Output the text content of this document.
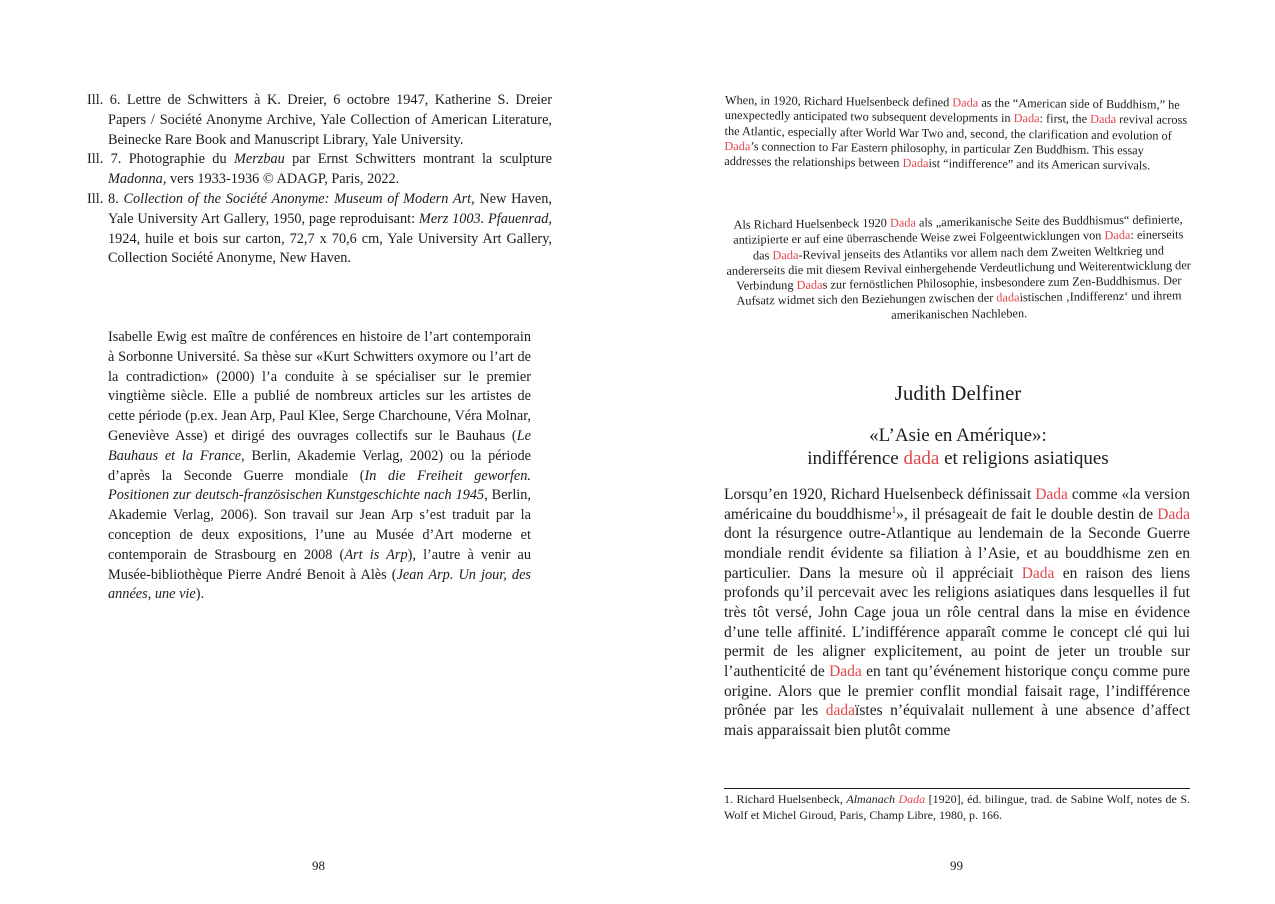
Ill. 6. Lettre de Schwitters à K. Dreier, 6 octobre 1947, Katherine S. Dreier Papers / Société Anonyme Archive, Yale Collection of American Literature, Beinecke Rare Book and Manuscript Library, Yale University.

Ill. 7. Photographie du Merzbau par Ernst Schwitters montrant la sculpture Madonna, vers 1933-1936 © ADAGP, Paris, 2022.

Ill. 8. Collection of the Société Anonyme: Museum of Modern Art, New Haven, Yale University Art Gallery, 1950, page reproduisant: Merz 1003. Pfauenrad, 1924, huile et bois sur carton, 72,7 x 70,6 cm, Yale University Art Gallery, Collection Société Anonyme, New Haven.

Isabelle Ewig est maître de conférences en histoire de l’art contemporain à Sorbonne Université. Sa thèse sur «Kurt Schwitters oxymore ou l’art de la contradiction» (2000) l’a conduite à se spécialiser sur le premier vingtième siècle. Elle a publié de nombreux articles sur les artistes de cette période (p.ex. Jean Arp, Paul Klee, Serge Charchoune, Véra Molnar, Geneviève Asse) et dirigé des ouvrages collectifs sur le Bauhaus (Le Bauhaus et la France, Berlin, Akademie Verlag, 2002) ou la période d’après la Seconde Guerre mondiale (In die Freiheit geworfen. Positionen zur deutsch-französischen Kunstgeschichte nach 1945, Berlin, Akademie Verlag, 2006). Son travail sur Jean Arp s’est traduit par la conception de deux expositions, l’une au Musée d’Art moderne et contemporain de Strasbourg en 2008 (Art is Arp), l’autre à venir au Musée-bibliothèque Pierre André Benoit à Alès (Jean Arp. Un jour, des années, une vie).

98

When, in 1920, Richard Huelsenbeck defined Dada as the “American side of Buddhism,” he unexpectedly anticipated two subsequent developments in Dada: first, the Dada revival across the Atlantic, especially after World War Two and, second, the clarification and evolution of Dada’s connection to Far Eastern philosophy, in particular Zen Buddhism. This essay addresses the relationships between Dadaist “indifference” and its American survivals.

Als Richard Huelsenbeck 1920 Dada als „amerikanische Seite des Buddhismus“ definierte, antizipierte er auf eine überraschende Weise zwei Folgeentwicklungen von Dada: einerseits das Dada-Revival jenseits des Atlantiks vor allem nach dem Zweiten Weltkrieg und andererseits die mit diesem Revival einhergehende Verdeutlichung und Weiterentwicklung der Verbindung Dadas zur fernöstlichen Philosophie, insbesondere zum Zen-Buddhismus. Der Aufsatz widmet sich den Beziehungen zwischen der dadaistischen ‚Indifferenz‘ und ihrem amerikanischen Nachleben.

Judith Delfiner
«L’Asie en Amérique»:
indifférence dada et religions asiatiques

Lorsqu’en 1920, Richard Huelsenbeck définissait Dada comme «la version américaine du bouddhisme$^1$», il présageait de fait le double destin de Dada dont la résurgence outre-Atlantique au lendemain de la Seconde Guerre mondiale rendit évidente sa filiation à l’Asie, et au bouddhisme zen en particulier. Dans la mesure où il appréciait Dada en raison des liens profonds qu’il percevait avec les religions asiatiques dans lesquelles il fut très tôt versé, John Cage joua un rôle central dans la mise en évidence d’une telle affinité. L’indifférence apparaît comme le concept clé qui lui permit de les aligner explicitement, au point de jeter un trouble sur l’authenticité de Dada en tant qu’événement historique conçu comme pure origine. Alors que le premier conflit mondial faisait rage, l’indifférence prônée par les dadaïstes n’équivalait nullement à une absence d’affect mais apparaissait bien plutôt comme

1. Richard Huelsenbeck, Almanach Dada [1920], éd. bilingue, trad. de Sabine Wolf, notes de S. Wolf et Michel Giroud, Paris, Champ Libre, 1980, p. 166.

99
